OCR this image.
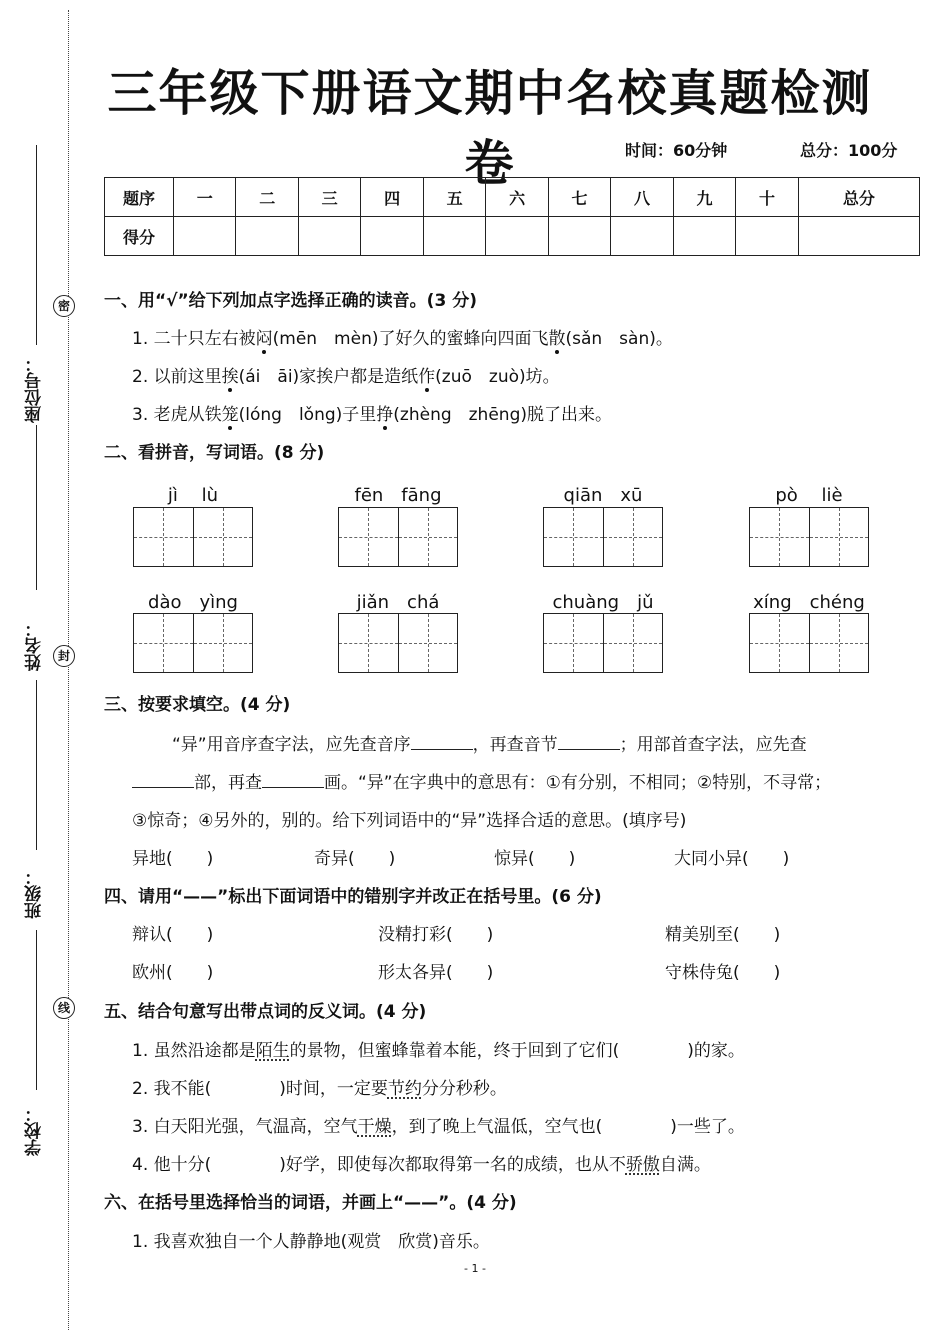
座位号：
姓名：
班级：
学校：
密
封
线
三年级下册语文期中名校真题检测卷	时间：60分钟	总分：100分
题序	一	二	三	四	五	六	七	八	九	十	总分
得分											
一、用“√”给下列加点字选择正确的读音。(3 分)
1. 二十只左右被闷(mēn　mèn)了好久的蜜蜂向四面飞散(sǎn　sàn)。
2. 以前这里挨(ái　āi)家挨户都是造纸作(zuō　zuò)坊。
3. 老虎从铁笼(lóng　lǒng)子里挣(zhèng　zhēng)脱了出来。
二、看拼音，写词语。(8 分)
jì　 lù	fēn　fāng	qiān　xū	pò　 liè
dào　yìng	jiǎn　chá	chuàng　jǔ	xíng　chéng
三、按要求填空。(4 分)
“异”用音序查字法，应先查音序	，再查音节	；用部首查字法，应先查
部，再查	画。“异”在字典中的意思有：①有分别，不相同；②特别，不寻常；
③惊奇；④另外的，别的。给下列词语中的“异”选择合适的意思。(填序号)
异地(　　)	奇异(　　)	惊异(　　)	大同小异(　　)
四、请用“——”标出下面词语中的错别字并改正在括号里。(6 分)
辩认(　　)	没精打彩(　　)	精美别至(　　)
欧州(　　)	形太各异(　　)	守株侍兔(　　)
五、结合句意写出带点词的反义词。(4 分)
1. 虽然沿途都是陌生的景物，但蜜蜂靠着本能，终于回到了它们(　　　　)的家。
2. 我不能(　　　　)时间，一定要节约分分秒秒。
3. 白天阳光强，气温高，空气干燥，到了晚上气温低，空气也(　　　　)一些了。
4. 他十分(　　　　)好学，即使每次都取得第一名的成绩，也从不骄傲自满。
六、在括号里选择恰当的词语，并画上“——”。(4 分)
1. 我喜欢独自一个人静静地(观赏　欣赏)音乐。
- 1 -
